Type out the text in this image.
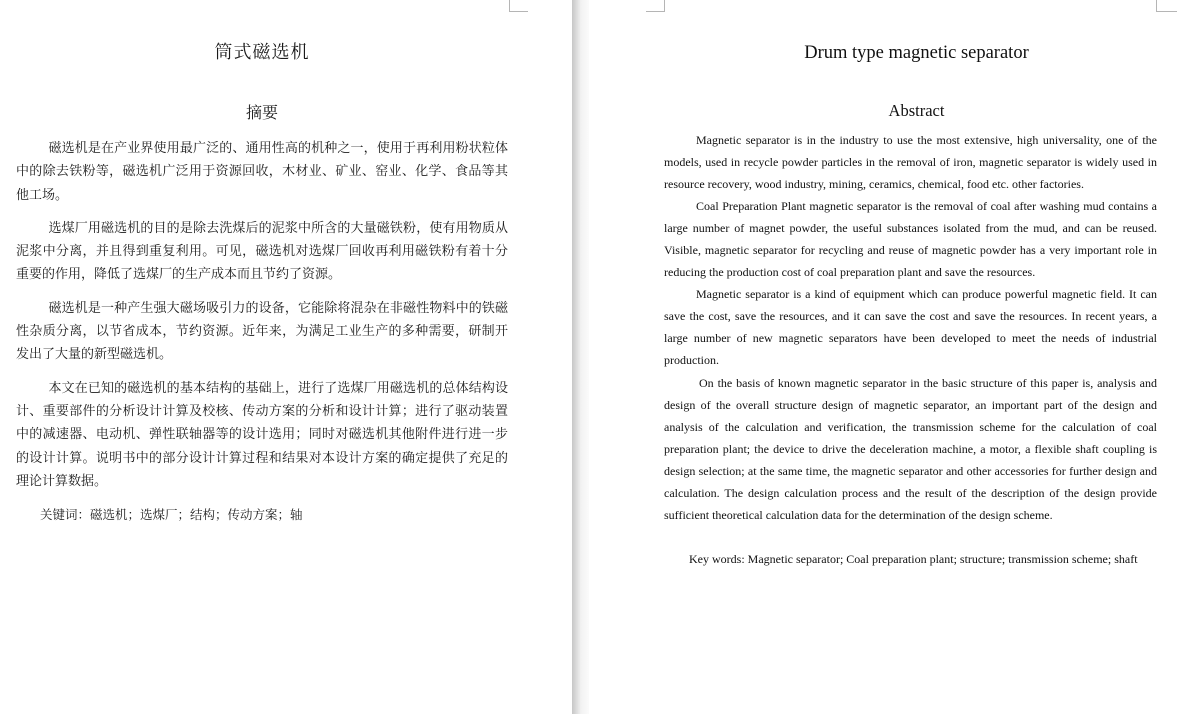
筒式磁选机
摘要

磁选机是在产业界使用最广泛的、通用性高的机种之一，使用于再利用粉状粒体中的除去铁粉等，磁选机广泛用于资源回收，木材业、矿业、窑业、化学、食品等其他工场。

选煤厂用磁选机的目的是除去洗煤后的泥浆中所含的大量磁铁粉，使有用物质从泥浆中分离，并且得到重复利用。可见，磁选机对选煤厂回收再利用磁铁粉有着十分重要的作用，降低了选煤厂的生产成本而且节约了资源。

磁选机是一种产生强大磁场吸引力的设备，它能除将混杂在非磁性物料中的铁磁性杂质分离，以节省成本，节约资源。近年来，为满足工业生产的多种需要，研制开发出了大量的新型磁选机。

本文在已知的磁选机的基本结构的基础上，进行了选煤厂用磁选机的总体结构设计、重要部件的分析设计计算及校核、传动方案的分析和设计计算；进行了驱动装置中的减速器、电动机、弹性联轴器等的设计选用；同时对磁选机其他附件进行进一步的设计计算。说明书中的部分设计计算过程和结果对本设计方案的确定提供了充足的理论计算数据。

关键词：磁选机；选煤厂；结构；传动方案；轴

Drum type magnetic separator
Abstract

Magnetic separator is in the industry to use the most extensive, high universality, one of the models, used in recycle powder particles in the removal of iron, magnetic separator is widely used in resource recovery, wood industry, mining, ceramics, chemical, food etc. other factories.

Coal Preparation Plant magnetic separator is the removal of coal after washing mud contains a large number of magnet powder, the useful substances isolated from the mud, and can be reused. Visible, magnetic separator for recycling and reuse of magnetic powder has a very important role in reducing the production cost of coal preparation plant and save the resources.

Magnetic separator is a kind of equipment which can produce powerful magnetic field. It can save the cost, save the resources, and it can save the cost and save the resources. In recent years, a large number of new magnetic separators have been developed to meet the needs of industrial production.

On the basis of known magnetic separator in the basic structure of this paper is, analysis and design of the overall structure design of magnetic separator, an important part of the design and analysis of the calculation and verification, the transmission scheme for the calculation of coal preparation plant; the device to drive the deceleration machine, a motor, a flexible shaft coupling is design selection; at the same time, the magnetic separator and other accessories for further design and calculation. The design calculation process and the result of the description of the design provide sufficient theoretical calculation data for the determination of the design scheme.

Key words: Magnetic separator; Coal preparation plant; structure; transmission scheme; shaft
